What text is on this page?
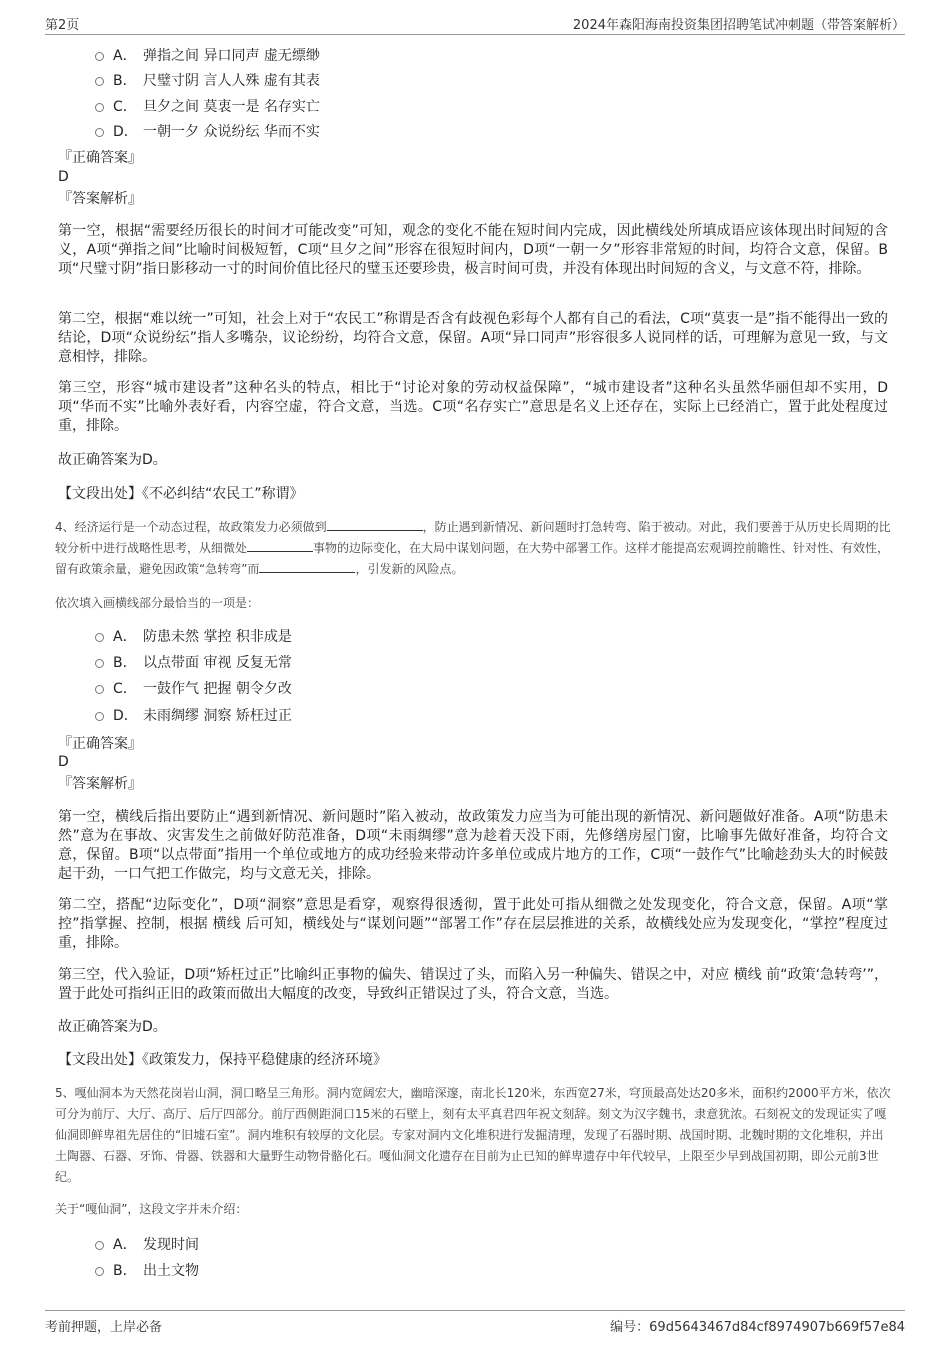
第2页	2024年森阳海南投资集团招聘笔试冲刺题（带答案解析）
A． 弹指之间 异口同声 虚无缥缈
B． 尺璧寸阴 言人人殊 虚有其表
C． 旦夕之间 莫衷一是 名存实亡
D． 一朝一夕 众说纷纭 华而不实
『正确答案』
D
『答案解析』
第一空，根据“需要经历很长的时间才可能改变”可知，观念的变化不能在短时间内完成，因此横线处所填成语应该体现出时间短的含义，A项“弹指之间”比喻时间极短暂，C项“旦夕之间”形容在很短时间内，D项“一朝一夕”形容非常短的时间，均符合文意，保留。B项“尺璧寸阴”指日影移动一寸的时间价值比径尺的璧玉还要珍贵，极言时间可贵，并没有体现出时间短的含义，与文意不符，排除。
第二空，根据“难以统一”可知，社会上对于“农民工”称谓是否含有歧视色彩每个人都有自己的看法，C项“莫衷一是”指不能得出一致的结论，D项“众说纷纭”指人多嘴杂，议论纷纷，均符合文意，保留。A项“异口同声”形容很多人说同样的话，可理解为意见一致，与文意相悖，排除。
第三空，形容“城市建设者”这种名头的特点，相比于“讨论对象的劳动权益保障”，“城市建设者”这种名头虽然华丽但却不实用，D项“华而不实”比喻外表好看，内容空虚，符合文意，当选。C项“名存实亡”意思是名义上还存在，实际上已经消亡，置于此处程度过重，排除。
故正确答案为D。
【文段出处】《不必纠结“农民工”称谓》
4、经济运行是一个动态过程，故政策发力必须做到	，防止遇到新情况、新问题时打急转弯、陷于被动。对此，我们要善于从历史长周期的比较分析中进行战略性思考，从细微处	事物的边际变化，在大局中谋划问题，在大势中部署工作。这样才能提高宏观调控前瞻性、针对性、有效性，留有政策余量，避免因政策“急转弯”而	，引发新的风险点。
依次填入画横线部分最恰当的一项是：
A． 防患未然 掌控 积非成是
B． 以点带面 审视 反复无常
C． 一鼓作气 把握 朝令夕改
D． 未雨绸缪 洞察 矫枉过正
『正确答案』
D
『答案解析』
第一空，横线后指出要防止“遇到新情况、新问题时”陷入被动，故政策发力应当为可能出现的新情况、新问题做好准备。A项“防患未然”意为在事故、灾害发生之前做好防范准备，D项“未雨绸缪”意为趁着天没下雨，先修缮房屋门窗，比喻事先做好准备，均符合文意，保留。B项“以点带面”指用一个单位或地方的成功经验来带动许多单位或成片地方的工作，C项“一鼓作气”比喻趁劲头大的时候鼓起干劲，一口气把工作做完，均与文意无关，排除。
第二空，搭配“边际变化”，D项“洞察”意思是看穿，观察得很透彻，置于此处可指从细微之处发现变化，符合文意，保留。A项“掌控”指掌握、控制，根据 横线 后可知，横线处与“谋划问题”“部署工作”存在层层推进的关系，故横线处应为发现变化，“掌控”程度过重，排除。
第三空，代入验证，D项“矫枉过正”比喻纠正事物的偏失、错误过了头，而陷入另一种偏失、错误之中，对应 横线 前“政策‘急转弯’”，置于此处可指纠正旧的政策而做出大幅度的改变，导致纠正错误过了头，符合文意，当选。
故正确答案为D。
【文段出处】《政策发力，保持平稳健康的经济环境》
5、嘎仙洞本为天然花岗岩山洞，洞口略呈三角形。洞内宽阔宏大，幽暗深邃，南北长120米，东西宽27米，穹顶最高处达20多米，面积约2000平方米，依次可分为前厅、大厅、高厅、后厅四部分。前厅西侧距洞口15米的石壁上，刻有太平真君四年祝文刻辞。刻文为汉字魏书，隶意犹浓。石刻祝文的发现证实了嘎仙洞即鲜卑祖先居住的“旧墟石室”。洞内堆积有较厚的文化层。专家对洞内文化堆积进行发掘清理，发现了石器时期、战国时期、北魏时期的文化堆积，并出土陶器、石器、牙饰、骨器、铁器和大量野生动物骨骼化石。嘎仙洞文化遗存在目前为止已知的鲜卑遗存中年代较早，上限至少早到战国初期，即公元前3世纪。
关于“嘎仙洞”，这段文字并未介绍：
A． 发现时间
B． 出土文物
考前押题，上岸必备	编号：69d5643467d84cf8974907b669f57e84
